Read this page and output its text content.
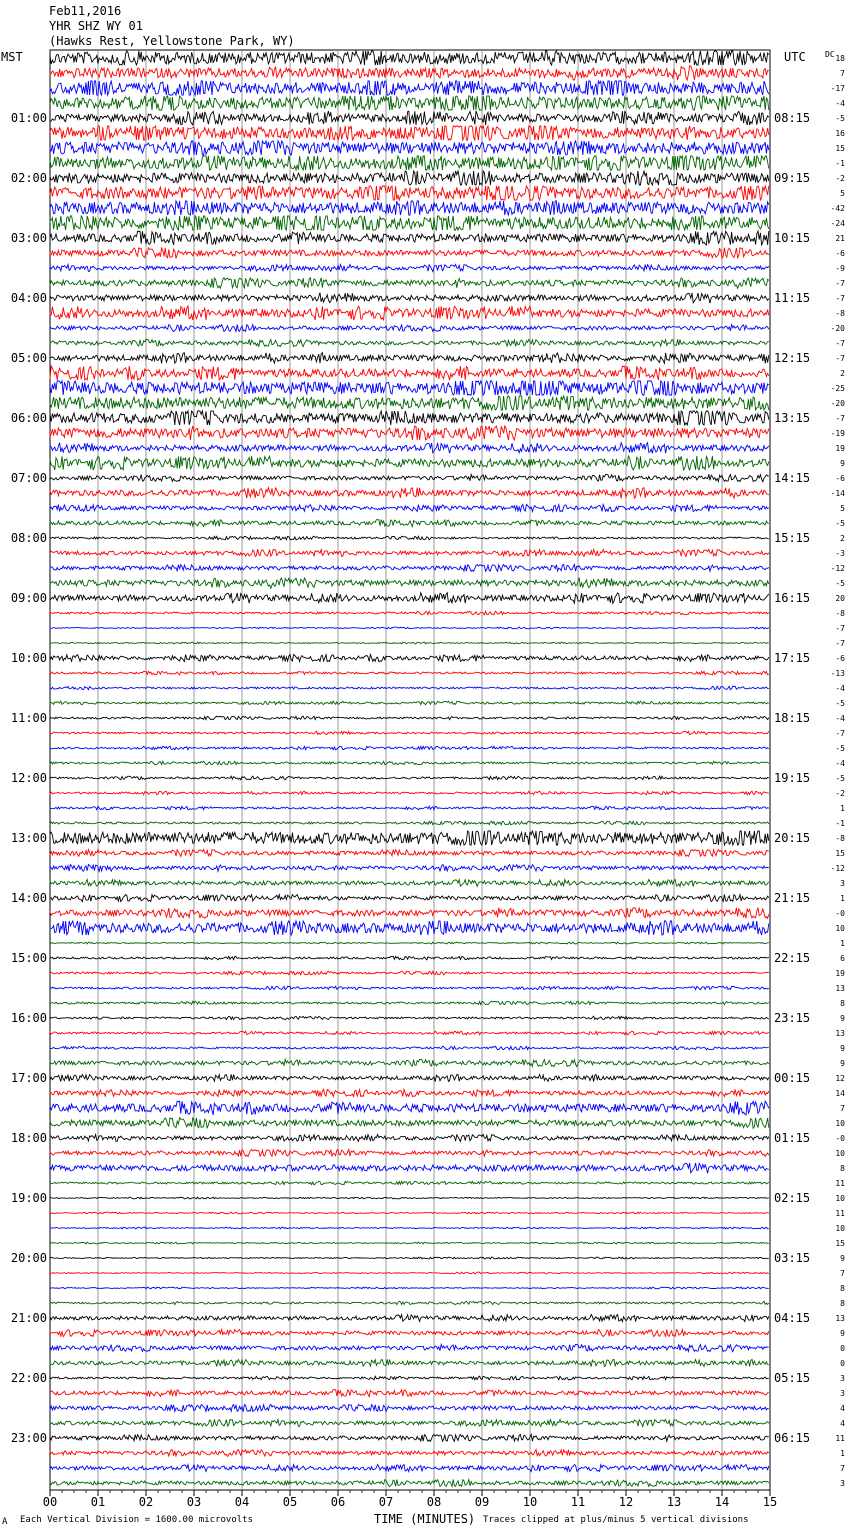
Feb11,2016
YHR SHZ WY 01
(Hawks Rest, Yellowstone Park, WY)
00	01	02	03	04	05	06	07	08	09	10	11	12	13	14	15
18
7
-17
-4
-5
16
15
-1
-2
5
-42
-24
21
-6
-9
-7
-7
-8
-20
-7
-7
2
-25
-20
-7
-19
19
9
-6
-14
5
-5
2
-3
-12
-5
20
-8
-7
-7
-6
-13
-4
-5
-4
-7
-5
-4
-5
-2
1
-1
-8
15
-12
3
1
-0
10
1
6
19
13
8
9
13
9
9
12
14
7
10
-0
10
8
11
10
11
10
15
9
7
8
8
13
9
0
0
3
3
4
4
11
1
7
3
01:00
02:00
03:00
04:00
05:00
06:00
07:00
08:00
09:00
10:00
11:00
12:00
13:00
14:00
15:00
16:00
17:00
18:00
19:00
20:00
21:00
22:00
23:00
08:15
09:15
10:15
11:15
12:15
13:15
14:15
15:15
16:15
17:15
18:15
19:15
20:15
21:15
22:15
23:15
00:15
01:15
02:15
03:15
04:15
05:15
06:15
MST	UTC DC
A Each Vertical Division = 1600.00 microvolts	TIME (MINUTES) Traces clipped at plus/minus 5 vertical divisions
